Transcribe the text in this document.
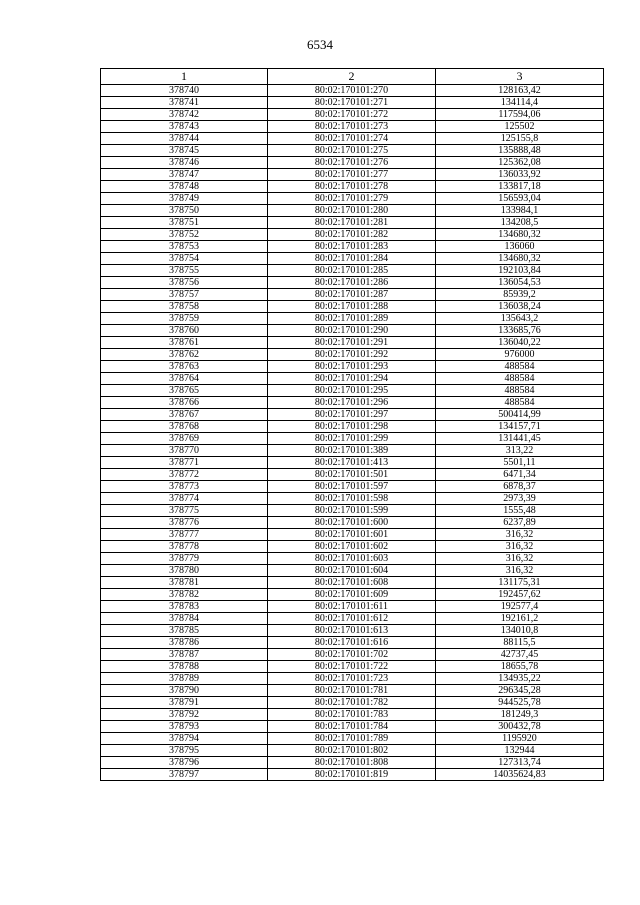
6534
1	2	3
378740	80:02:170101:270	128163,42
378741	80:02:170101:271	134114,4
378742	80:02:170101:272	117594,06
378743	80:02:170101:273	125502
378744	80:02:170101:274	125155,8
378745	80:02:170101:275	135888,48
378746	80:02:170101:276	125362,08
378747	80:02:170101:277	136033,92
378748	80:02:170101:278	133817,18
378749	80:02:170101:279	156593,04
378750	80:02:170101:280	133984,1
378751	80:02:170101:281	134208,5
378752	80:02:170101:282	134680,32
378753	80:02:170101:283	136060
378754	80:02:170101:284	134680,32
378755	80:02:170101:285	192103,84
378756	80:02:170101:286	136054,53
378757	80:02:170101:287	85939,2
378758	80:02:170101:288	136038,24
378759	80:02:170101:289	135643,2
378760	80:02:170101:290	133685,76
378761	80:02:170101:291	136040,22
378762	80:02:170101:292	976000
378763	80:02:170101:293	488584
378764	80:02:170101:294	488584
378765	80:02:170101:295	488584
378766	80:02:170101:296	488584
378767	80:02:170101:297	500414,99
378768	80:02:170101:298	134157,71
378769	80:02:170101:299	131441,45
378770	80:02:170101:389	313,22
378771	80:02:170101:413	5501,11
378772	80:02:170101:501	6471,34
378773	80:02:170101:597	6878,37
378774	80:02:170101:598	2973,39
378775	80:02:170101:599	1555,48
378776	80:02:170101:600	6237,89
378777	80:02:170101:601	316,32
378778	80:02:170101:602	316,32
378779	80:02:170101:603	316,32
378780	80:02:170101:604	316,32
378781	80:02:170101:608	131175,31
378782	80:02:170101:609	192457,62
378783	80:02:170101:611	192577,4
378784	80:02:170101:612	192161,2
378785	80:02:170101:613	134010,8
378786	80:02:170101:616	88115,5
378787	80:02:170101:702	42737,45
378788	80:02:170101:722	18655,78
378789	80:02:170101:723	134935,22
378790	80:02:170101:781	296345,28
378791	80:02:170101:782	944525,78
378792	80:02:170101:783	181249,3
378793	80:02:170101:784	300432,78
378794	80:02:170101:789	1195920
378795	80:02:170101:802	132944
378796	80:02:170101:808	127313,74
378797	80:02:170101:819	14035624,83
